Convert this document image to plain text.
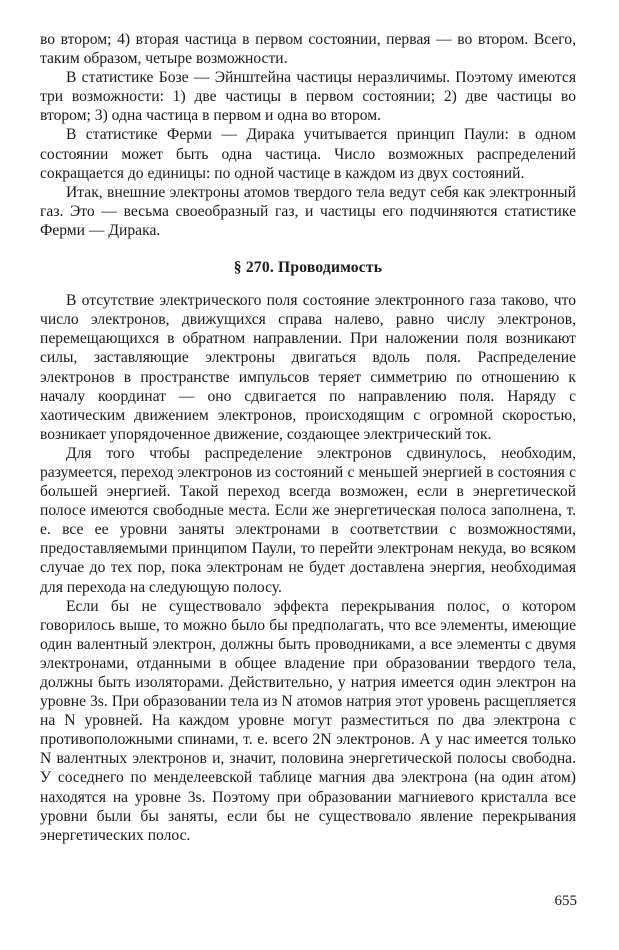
во втором; 4) вторая частица в первом состоянии, первая — во втором. Всего, таким образом, четыре возможности.

В статистике Бозе — Эйнштейна частицы неразличимы. Поэтому имеются три возможности: 1) две частицы в первом состоянии; 2) две частицы во втором; 3) одна частица в первом и одна во втором.

В статистике Ферми — Дирака учитывается принцип Паули: в одном состоянии может быть одна частица. Число возможных распределений сокращается до единицы: по одной частице в каждом из двух состояний.

Итак, внешние электроны атомов твердого тела ведут себя как электронный газ. Это — весьма своеобразный газ, и частицы его подчиняются статистике Ферми — Дирака.

§ 270. Проводимость

В отсутствие электрического поля состояние электронного газа таково, что число электронов, движущихся справа налево, равно числу электронов, перемещающихся в обратном направлении. При наложении поля возникают силы, заставляющие электроны двигаться вдоль поля. Распределение электронов в пространстве импульсов теряет симметрию по отношению к началу координат — оно сдвигается по направлению поля. Наряду с хаотическим движением электронов, происходящим с огромной скоростью, возникает упорядоченное движение, создающее электрический ток.

Для того чтобы распределение электронов сдвинулось, необходим, разумеется, переход электронов из состояний с меньшей энергией в состояния с большей энергией. Такой переход всегда возможен, если в энергетической полосе имеются свободные места. Если же энергетическая полоса заполнена, т. е. все ее уровни заняты электронами в соответствии с возможностями, предоставляемыми принципом Паули, то перейти электронам некуда, во всяком случае до тех пор, пока электронам не будет доставлена энергия, необходимая для перехода на следующую полосу.

Если бы не существовало эффекта перекрывания полос, о котором говорилось выше, то можно было бы предполагать, что все элементы, имеющие один валентный электрон, должны быть проводниками, а все элементы с двумя электронами, отданными в общее владение при образовании твердого тела, должны быть изоляторами. Действительно, у натрия имеется один электрон на уровне 3s. При образовании тела из N атомов натрия этот уровень расщепляется на N уровней. На каждом уровне могут разместиться по два электрона с противоположными спинами, т. е. всего 2N электронов. А у нас имеется только N валентных электронов и, значит, половина энергетической полосы свободна. У соседнего по менделеевской таблице магния два электрона (на один атом) находятся на уровне 3s. Поэтому при образовании магниевого кристалла все уровни были бы заняты, если бы не существовало явление перекрывания энергетических полос.

655
